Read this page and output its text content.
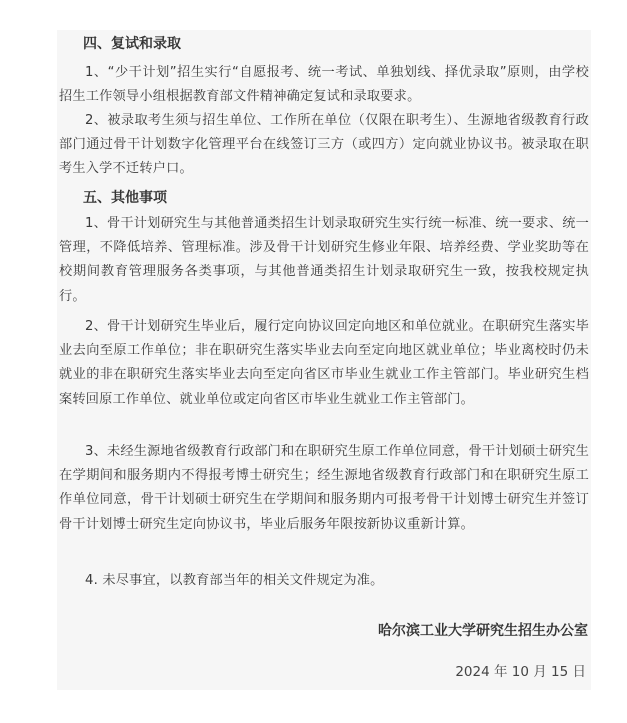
四、复试和录取

1、“少干计划”招生实行“自愿报考、统一考试、单独划线、择优录取”原则，由学校招生工作领导小组根据教育部文件精神确定复试和录取要求。

2、被录取考生须与招生单位、工作所在单位（仅限在职考生）、生源地省级教育行政部门通过骨干计划数字化管理平台在线签订三方（或四方）定向就业协议书。被录取在职考生入学不迁转户口。

五、其他事项

1、骨干计划研究生与其他普通类招生计划录取研究生实行统一标准、统一要求、统一管理，不降低培养、管理标准。涉及骨干计划研究生修业年限、培养经费、学业奖助等在校期间教育管理服务各类事项，与其他普通类招生计划录取研究生一致，按我校规定执行。

2、骨干计划研究生毕业后，履行定向协议回定向地区和单位就业。在职研究生落实毕业去向至原工作单位；非在职研究生落实毕业去向至定向地区就业单位；毕业离校时仍未就业的非在职研究生落实毕业去向至定向省区市毕业生就业工作主管部门。毕业研究生档案转回原工作单位、就业单位或定向省区市毕业生就业工作主管部门。

3、未经生源地省级教育行政部门和在职研究生原工作单位同意，骨干计划硕士研究生在学期间和服务期内不得报考博士研究生；经生源地省级教育行政部门和在职研究生原工作单位同意，骨干计划硕士研究生在学期间和服务期内可报考骨干计划博士研究生并签订骨干计划博士研究生定向协议书，毕业后服务年限按新协议重新计算。

4. 未尽事宜，以教育部当年的相关文件规定为准。

哈尔滨工业大学研究生招生办公室
2024 年 10 月 15 日
